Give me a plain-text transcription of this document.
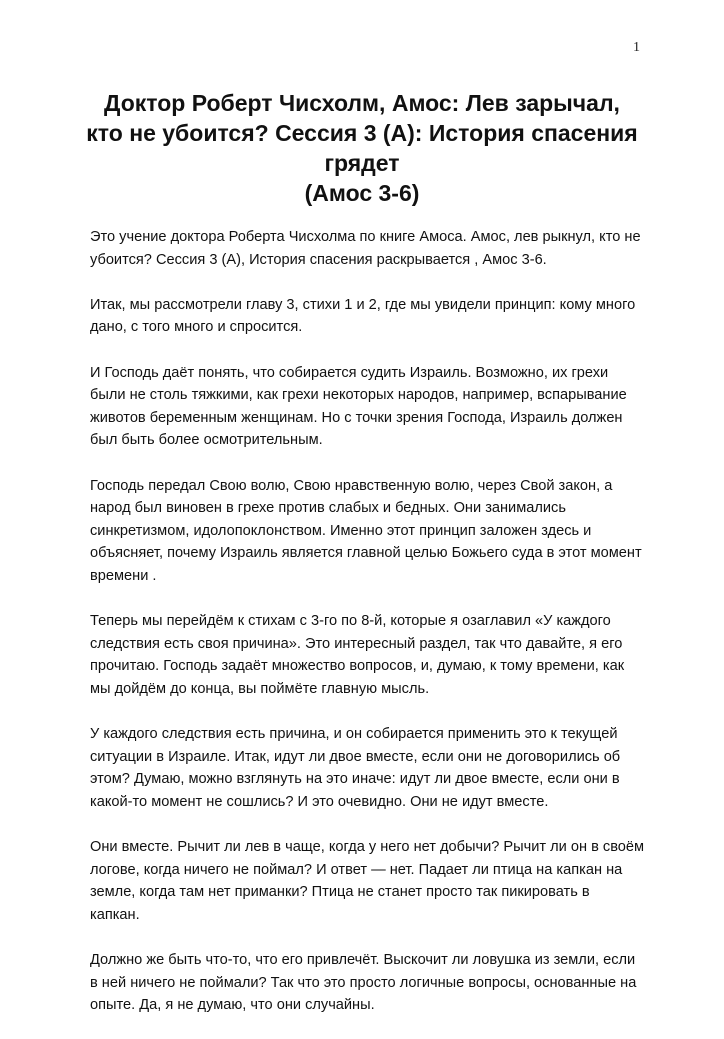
1
Доктор Роберт Чисхолм, Амос: Лев зарычал,
кто не убоится? Сессия 3 (A): История спасения
грядет
(Амос 3-6)

Это учение доктора Роберта Чисхолма по книге Амоса. Амос, лев рыкнул, кто не
убоится? Сессия 3 (A), История спасения раскрывается , Амос 3-6.

Итак, мы рассмотрели главу 3, стихи 1 и 2, где мы увидели принцип: кому много
дано, с того много и спросится.

И Господь даёт понять, что собирается судить Израиль. Возможно, их грехи
были не столь тяжкими, как грехи некоторых народов, например, вспарывание
животов беременным женщинам. Но с точки зрения Господа, Израиль должен
был быть более осмотрительным.

Господь передал Свою волю, Свою нравственную волю, через Свой закон, а
народ был виновен в грехе против слабых и бедных. Они занимались
синкретизмом, идолопоклонством. Именно этот принцип заложен здесь и
объясняет, почему Израиль является главной целью Божьего суда в этот момент
времени .

Теперь мы перейдём к стихам с 3-го по 8-й, которые я озаглавил «У каждого
следствия есть своя причина». Это интересный раздел, так что давайте, я его
прочитаю. Господь задаёт множество вопросов, и, думаю, к тому времени, как
мы дойдём до конца, вы поймёте главную мысль.

У каждого следствия есть причина, и он собирается применить это к текущей
ситуации в Израиле. Итак, идут ли двое вместе, если они не договорились об
этом? Думаю, можно взглянуть на это иначе: идут ли двое вместе, если они в
какой-то момент не сошлись? И это очевидно. Они не идут вместе.

Они вместе. Рычит ли лев в чаще, когда у него нет добычи? Рычит ли он в своём
логове, когда ничего не поймал? И ответ — нет. Падает ли птица на капкан на
земле, когда там нет приманки? Птица не станет просто так пикировать в
капкан.

Должно же быть что-то, что его привлечёт. Выскочит ли ловушка из земли, если
в ней ничего не поймали? Так что это просто логичные вопросы, основанные на
опыте. Да, я не думаю, что они случайны.
